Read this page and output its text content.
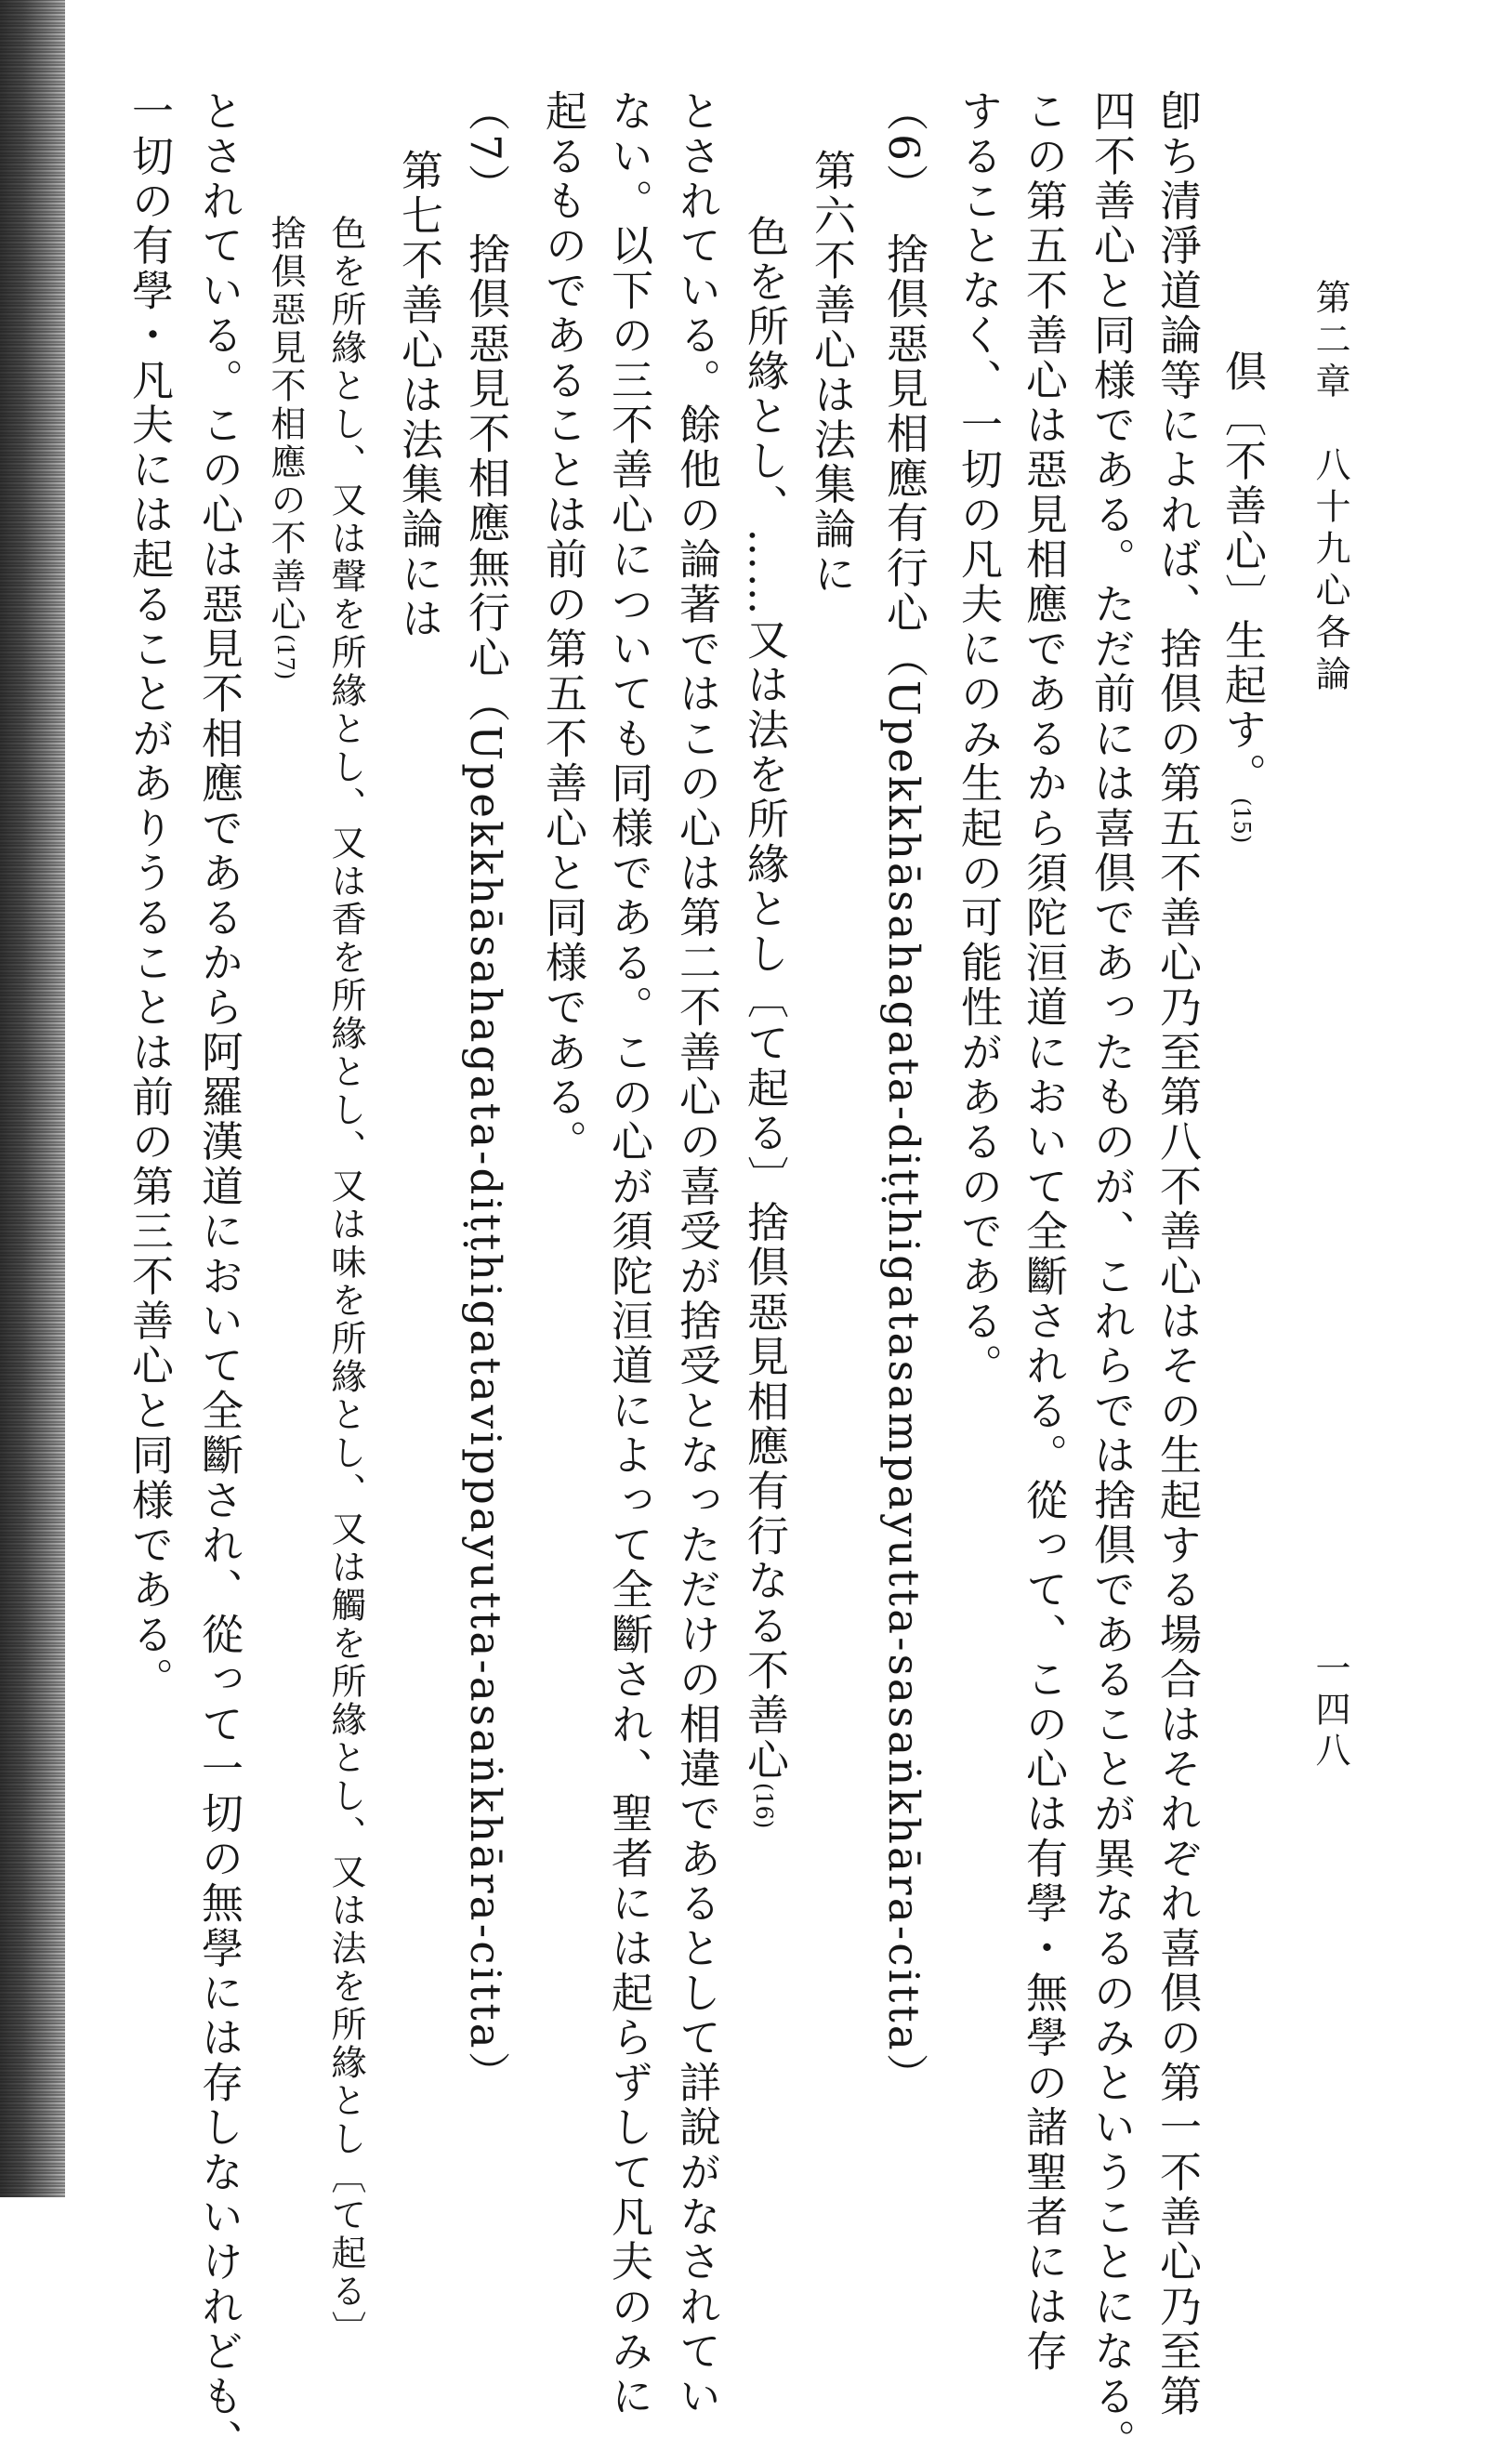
第二章　八十九心各論
一四八
倶〔不善心〕生起す。(15)
卽ち清淨道論等によれば、捨倶の第五不善心乃至第八不善心はその生起する場合はそれぞれ喜倶の第一不善心乃至第
四不善心と同様である。ただ前には喜倶であったものが、これらでは捨倶であることが異なるのみということになる。
この第五不善心は惡見相應であるから須陀洹道において全斷される。從って、この心は有學・無學の諸聖者には存
することなく、一切の凡夫にのみ生起の可能性があるのである。
（6）　捨倶惡見相應有行心（Upekkhāsahagata-diṭṭhigatasampayutta-sasaṅkhāra-citta）
第六不善心は法集論に
色を所緣とし、……又は法を所緣とし〔て起る〕捨倶惡見相應有行なる不善心(16)
とされている。餘他の論著ではこの心は第二不善心の喜受が捨受となっただけの相違であるとして詳說がなされてい
ない。以下の三不善心についても同様である。この心が須陀洹道によって全斷され、聖者には起らずして凡夫のみに
起るものであることは前の第五不善心と同様である。
（7）　捨倶惡見不相應無行心（Upekkhāsahagata-diṭṭhigatavippayutta-asaṅkhāra-citta）
第七不善心は法集論には
色を所緣とし、又は聲を所緣とし、又は香を所緣とし、又は味を所緣とし、又は觸を所緣とし、又は法を所緣とし〔て起る〕
捨倶惡見不相應の不善心(17)
とされている。この心は惡見不相應であるから阿羅漢道において全斷され、從って一切の無學には存しないけれども、
一切の有學・凡夫には起ることがありうることは前の第三不善心と同様である。
